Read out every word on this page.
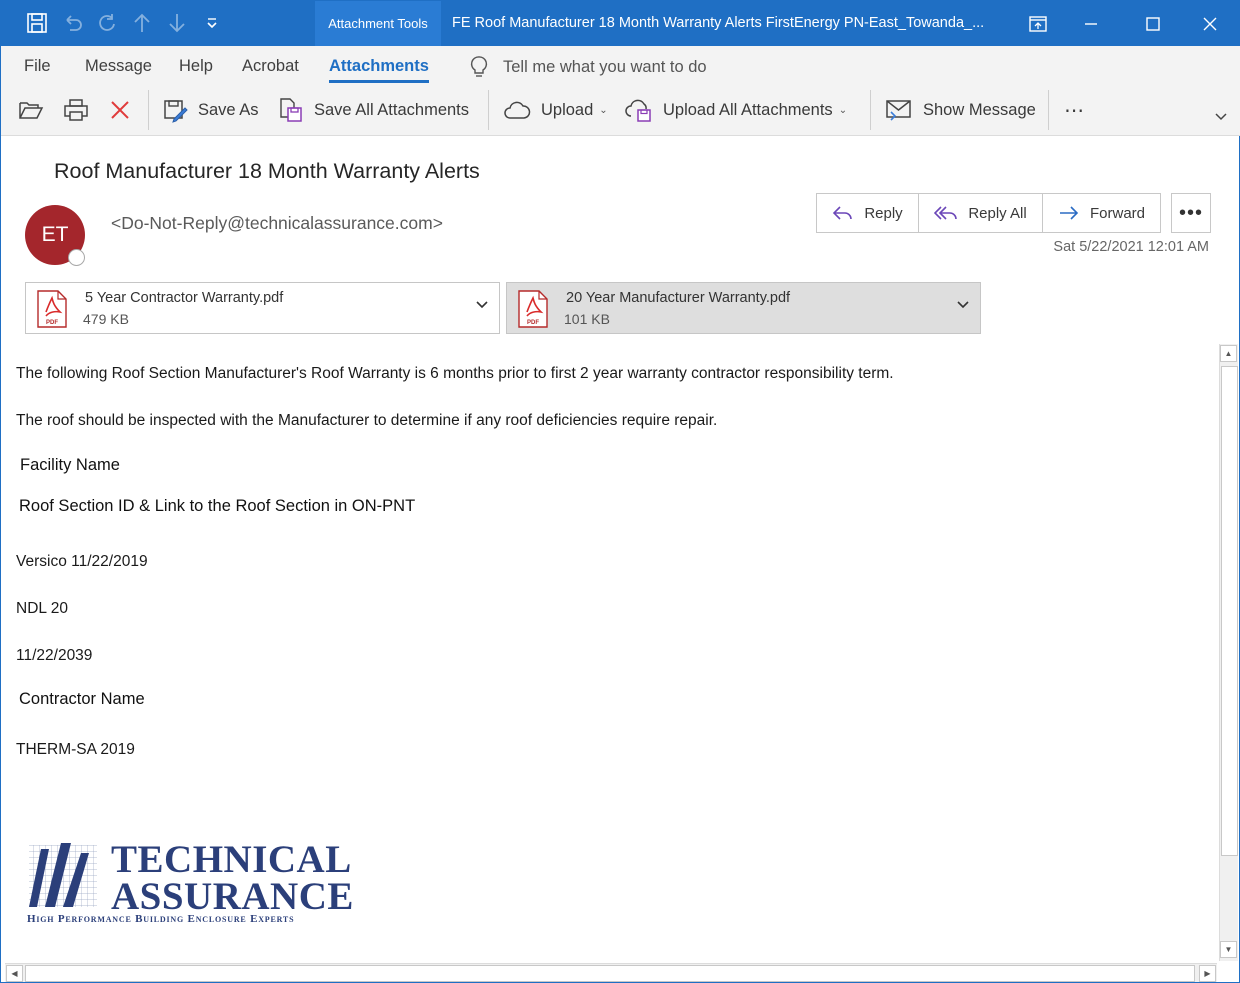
Attachment Tools	FE Roof Manufacturer 18 Month Warranty Alerts FirstEnergy PN-East_Towanda_...
File Message Help Acrobat Attachments	Tell me what you want to do
Save As	Save All Attachments	Upload ⌄	Upload All Attachments ⌄	Show Message ⋯
Roof Manufacturer 18 Month Warranty Alerts
ET <Do-Not-Reply@technicalassurance.com>	Reply	Reply All	Forward •••
Sat 5/22/2021 12:01 AM
PDF
5 Year Contractor Warranty.pdf
479 KB	PDF
20 Year Manufacturer Warranty.pdf
101 KB
The following Roof Section Manufacturer's Roof Warranty is 6 months prior to first 2 year warranty contractor responsibility term.
The roof should be inspected with the Manufacturer to determine if any roof deficiencies require repair.
Facility Name
Roof Section ID & Link to the Roof Section in ON-PNT
Versico 11/22/2019
NDL 20
11/22/2039
Contractor Name
THERM-SA 2019
TECHNICAL
ASSURANCE
High Performance Building Enclosure Experts
▲
▼
◀	▶
